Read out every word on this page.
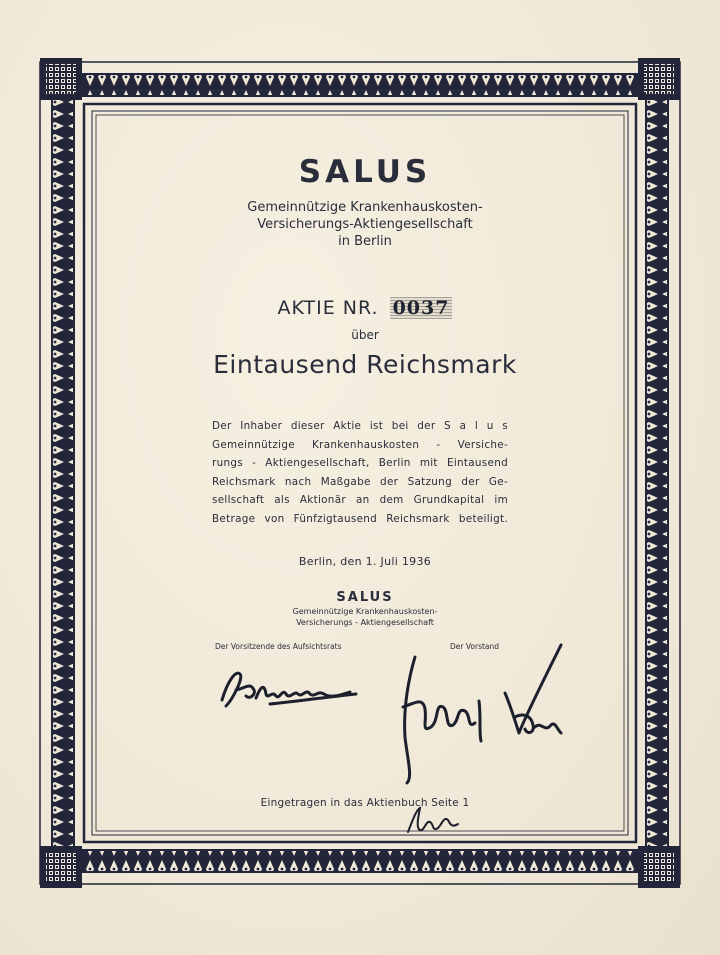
SALUS
Gemeinnützige Krankenhauskosten-
Versicherungs-Aktiengesellschaft
in Berlin
AKTIE NR. 0037
über
Eintausend Reichsmark
Der Inhaber dieser Aktie ist bei der S a l u s
Gemeinnützige Krankenhauskosten - Versiche-
rungs - Aktiengesellschaft, Berlin mit Eintausend
Reichsmark nach Maßgabe der Satzung der Ge-
sellschaft als Aktionär an dem Grundkapital im
Betrage von Fünfzigtausend Reichsmark beteiligt.
Berlin, den 1. Juli 1936
SALUS
Gemeinnützige Krankenhauskosten-
Versicherungs - Aktiengesellschaft
Der Vorsitzende des Aufsichtsrats	Der Vorstand
Eingetragen in das Aktienbuch Seite 1
